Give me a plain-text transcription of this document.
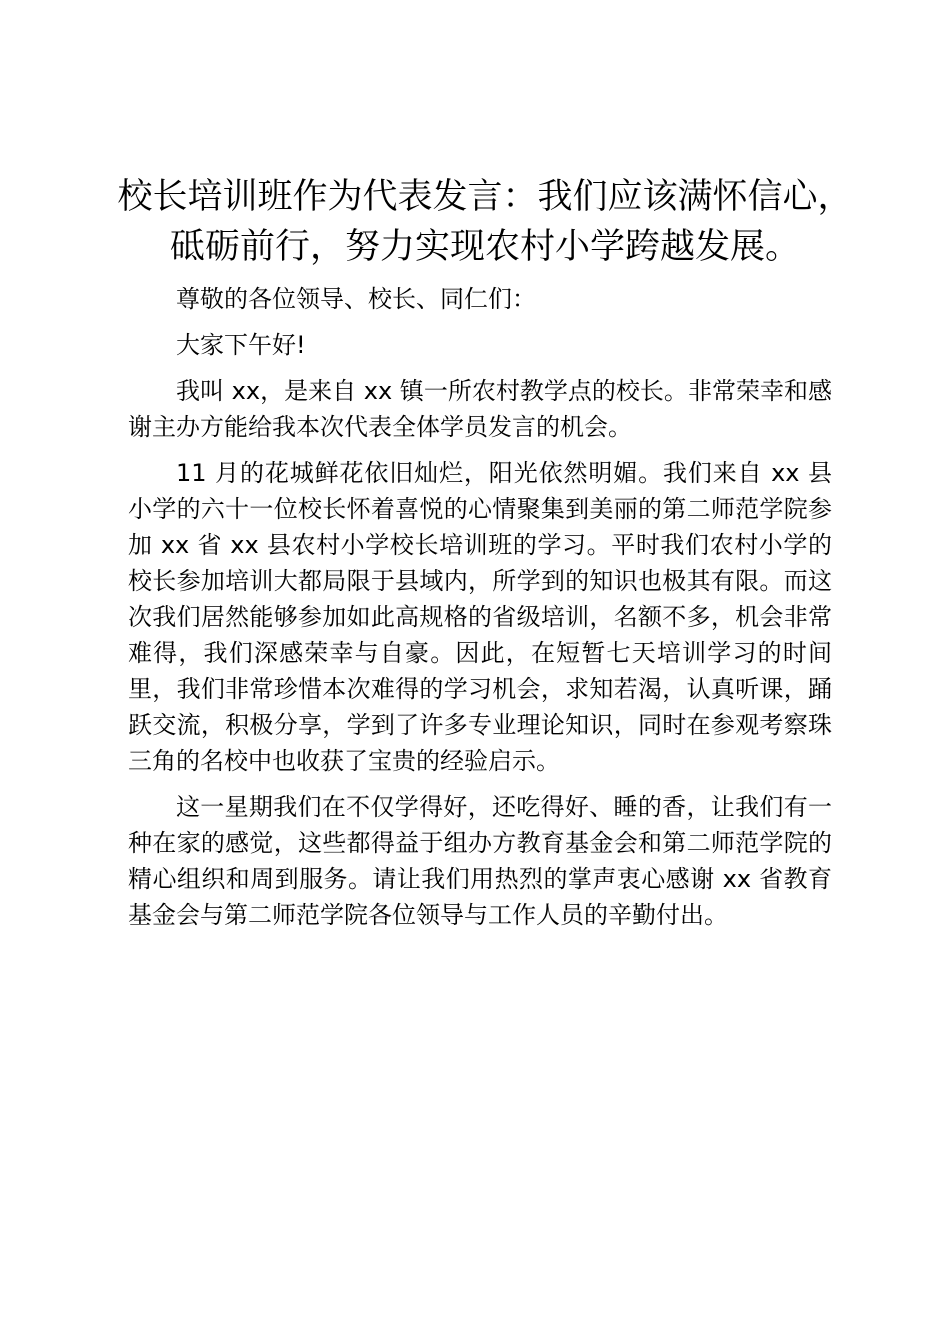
校长培训班作为代表发言：我们应该满怀信心，砥砺前行，努力实现农村小学跨越发展。

尊敬的各位领导、校长、同仁们：

大家下午好!

我叫 xx，是来自 xx 镇一所农村教学点的校长。非常荣幸和感谢主办方能给我本次代表全体学员发言的机会。

11 月的花城鲜花依旧灿烂，阳光依然明媚。我们来自 xx 县小学的六十一位校长怀着喜悦的心情聚集到美丽的第二师范学院参加 xx 省 xx 县农村小学校长培训班的学习。平时我们农村小学的校长参加培训大都局限于县域内，所学到的知识也极其有限。而这次我们居然能够参加如此高规格的省级培训，名额不多，机会非常难得，我们深感荣幸与自豪。因此，在短暂七天培训学习的时间里，我们非常珍惜本次难得的学习机会，求知若渴，认真听课，踊跃交流，积极分享，学到了许多专业理论知识，同时在参观考察珠三角的名校中也收获了宝贵的经验启示。

这一星期我们在不仅学得好，还吃得好、睡的香，让我们有一种在家的感觉，这些都得益于组办方教育基金会和第二师范学院的精心组织和周到服务。请让我们用热烈的掌声衷心感谢 xx 省教育基金会与第二师范学院各位领导与工作人员的辛勤付出。
